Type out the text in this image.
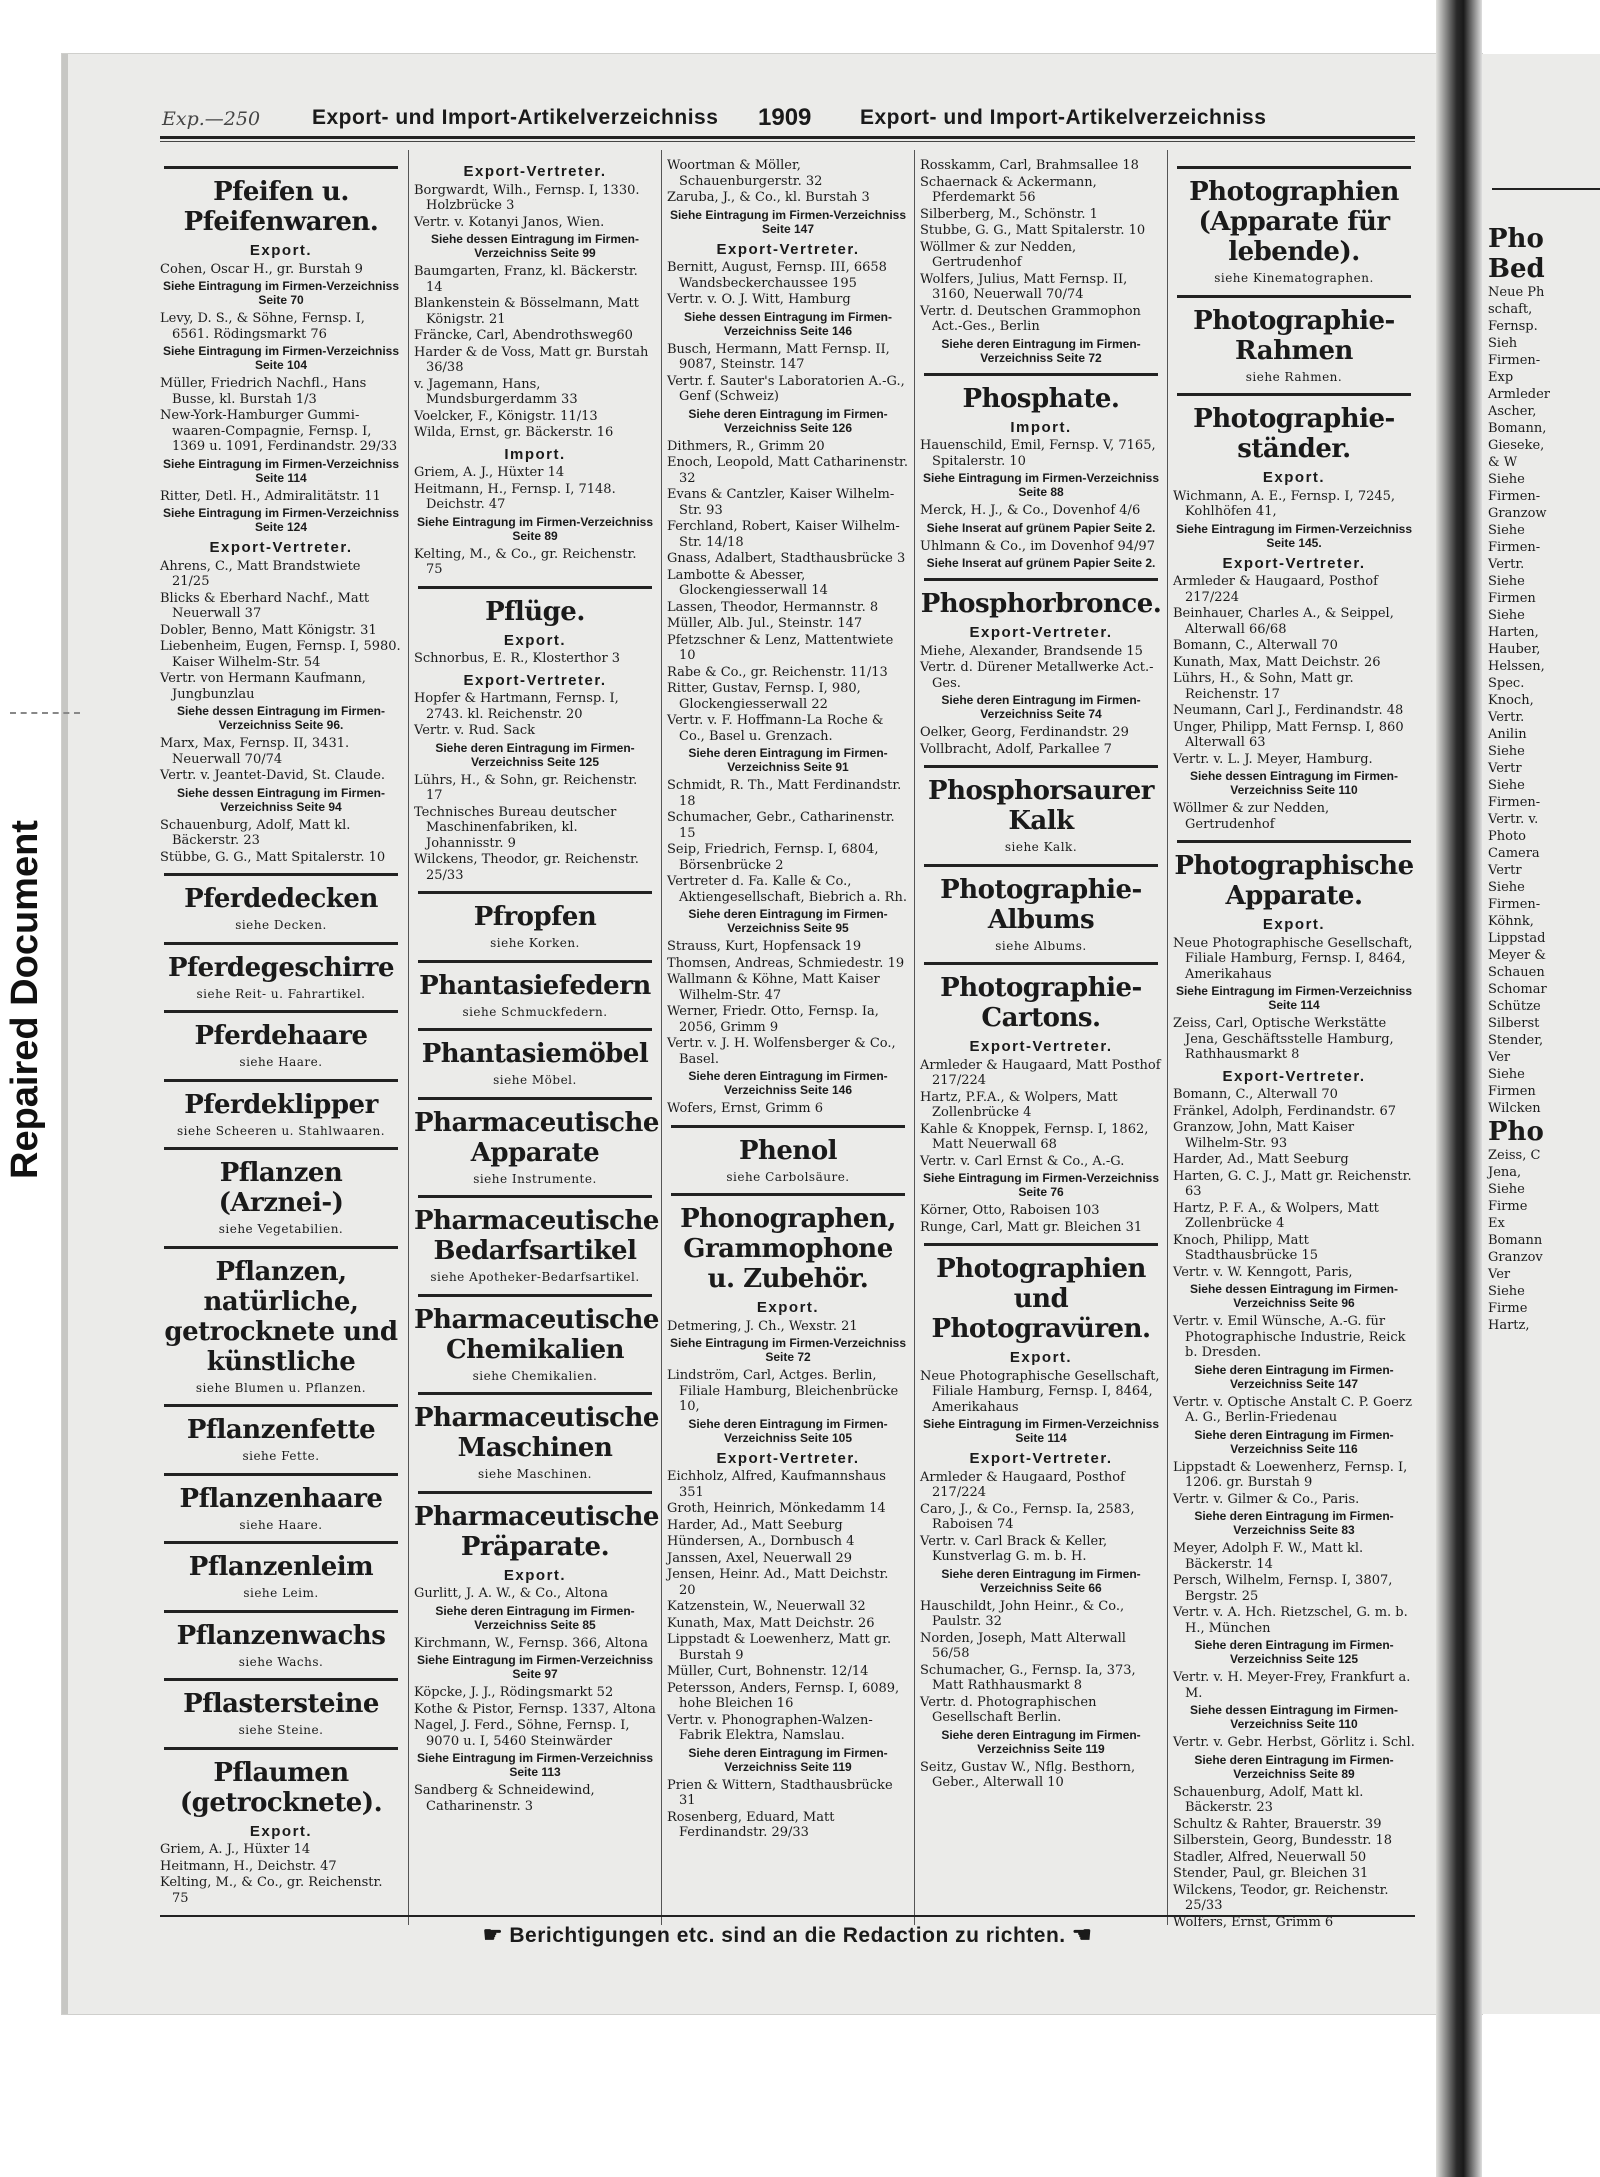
Pho
Bed
Neue Ph
schaft,
Fernsp.
Sieh
Firmen-
Exp
Armleder
Ascher,
Bomann,
Gieseke,
& W
Siehe
Firmen-
Granzow
Siehe
Firmen-
Vertr.
Siehe
Firmen
Siehe
Harten,
Hauber,
Helssen,
Spec.
Knoch,
Vertr.
Anilin
Siehe
Vertr
Siehe
Firmen-
Vertr. v.
Photo
Camera
Vertr
Siehe
Firmen-
Köhnk,
Lippstad
Meyer &
Schauen
Schomar
Schütze
Silberst
Stender,
Ver
Siehe
Firmen
Wilcken
Pho
Zeiss, C
Jena,
Siehe
Firme
Ex
Bomann
Granzov
Ver
Siehe
Firme
Hartz,
Repaired Document
Exp.—250 Export- und Import-Artikelverzeichniss 1909 Export- und Import-Artikelverzeichniss
Pfeifen u. Pfeifenwaren.
Export.
Cohen, Oscar H., gr. Burstah 9
Siehe Eintragung im Firmen-Verzeichniss Seite 70
Levy, D. S., & Söhne, Fernsp. I, 6561. Rödingsmarkt 76
Siehe Eintragung im Firmen-Verzeichniss Seite 104
Müller, Friedrich Nachfl., Hans Busse, kl. Burstah 1/3
New-York-Hamburger Gummi-waaren-Compagnie, Fernsp. I, 1369 u. 1091, Ferdinandstr. 29/33
Siehe Eintragung im Firmen-Verzeichniss Seite 114
Ritter, Detl. H., Admiralitätstr. 11
Siehe Eintragung im Firmen-Verzeichniss Seite 124
Export-Vertreter.
Ahrens, C., Matt Brandstwiete 21/25
Blicks & Eberhard Nachf., Matt Neuerwall 37
Dobler, Benno, Matt Königstr. 31
Liebenheim, Eugen, Fernsp. I, 5980. Kaiser Wilhelm-Str. 54
Vertr. von Hermann Kaufmann, Jungbunzlau
Siehe dessen Eintragung im Firmen-Verzeichniss Seite 96.
Marx, Max, Fernsp. II, 3431. Neuerwall 70/74
Vertr. v. Jeantet-David, St. Claude.
Siehe dessen Eintragung im Firmen-Verzeichniss Seite 94
Schauenburg, Adolf, Matt kl. Bäckerstr. 23
Stübbe, G. G., Matt Spitalerstr. 10
Pferdedecken
siehe Decken.
Pferdegeschirre
siehe Reit- u. Fahrartikel.
Pferdehaare
siehe Haare.
Pferdeklipper
siehe Scheeren u. Stahlwaaren.
Pflanzen (Arznei-)
siehe Vegetabilien.
Pflanzen, natürliche, getrocknete und künstliche
siehe Blumen u. Pflanzen.
Pflanzenfette
siehe Fette.
Pflanzenhaare
siehe Haare.
Pflanzenleim
siehe Leim.
Pflanzenwachs
siehe Wachs.
Pflastersteine
siehe Steine.
Pflaumen (getrocknete).
Export.
Griem, A. J., Hüxter 14
Heitmann, H., Deichstr. 47
Kelting, M., & Co., gr. Reichenstr. 75
Export-Vertreter.
Borgwardt, Wilh., Fernsp. I, 1330. Holzbrücke 3
Vertr. v. Kotanyi Janos, Wien.
Siehe dessen Eintragung im Firmen-Verzeichniss Seite 99
Baumgarten, Franz, kl. Bäckerstr. 14
Blankenstein & Bösselmann, Matt Königstr. 21
Fräncke, Carl, Abendrothsweg60
Harder & de Voss, Matt gr. Burstah 36/38
v. Jagemann, Hans, Mundsburgerdamm 33
Voelcker, F., Königstr. 11/13
Wilda, Ernst, gr. Bäckerstr. 16
Import.
Griem, A. J., Hüxter 14
Heitmann, H., Fernsp. I, 7148. Deichstr. 47
Siehe Eintragung im Firmen-Verzeichniss Seite 89
Kelting, M., & Co., gr. Reichenstr. 75
Pflüge.
Export.
Schnorbus, E. R., Klosterthor 3
Export-Vertreter.
Hopfer & Hartmann, Fernsp. I, 2743. kl. Reichenstr. 20
Vertr. v. Rud. Sack
Siehe deren Eintragung im Firmen-Verzeichniss Seite 125
Lührs, H., & Sohn, gr. Reichenstr. 17
Technisches Bureau deutscher Maschinenfabriken, kl. Johannisstr. 9
Wilckens, Theodor, gr. Reichenstr. 25/33
Pfropfen
siehe Korken.
Phantasiefedern
siehe Schmuckfedern.
Phantasiemöbel
siehe Möbel.
Pharmaceutische Apparate
siehe Instrumente.
Pharmaceutische Bedarfsartikel
siehe Apotheker-Bedarfsartikel.
Pharmaceutische Chemikalien
siehe Chemikalien.
Pharmaceutische Maschinen
siehe Maschinen.
Pharmaceutische Präparate.
Export.
Gurlitt, J. A. W., & Co., Altona
Siehe deren Eintragung im Firmen-Verzeichniss Seite 85
Kirchmann, W., Fernsp. 366, Altona
Siehe Eintragung im Firmen-Verzeichniss Seite 97
Köpcke, J. J., Rödingsmarkt 52
Kothe & Pistor, Fernsp. 1337, Altona
Nagel, J. Ferd., Söhne, Fernsp. I, 9070 u. I, 5460 Steinwärder
Siehe Eintragung im Firmen-Verzeichniss Seite 113
Sandberg & Schneidewind, Catharinenstr. 3
Woortman & Möller, Schauenburgerstr. 32
Zaruba, J., & Co., kl. Burstah 3
Siehe Eintragung im Firmen-Verzeichniss Seite 147
Export-Vertreter.
Bernitt, August, Fernsp. III, 6658 Wandsbeckerchaussee 195
Vertr. v. O. J. Witt, Hamburg
Siehe dessen Eintragung im Firmen-Verzeichniss Seite 146
Busch, Hermann, Matt Fernsp. II, 9087, Steinstr. 147
Vertr. f. Sauter's Laboratorien A.-G., Genf (Schweiz)
Siehe deren Eintragung im Firmen-Verzeichniss Seite 126
Dithmers, R., Grimm 20
Enoch, Leopold, Matt Catharinenstr. 32
Evans & Cantzler, Kaiser Wilhelm-Str. 93
Ferchland, Robert, Kaiser Wilhelm-Str. 14/18
Gnass, Adalbert, Stadthausbrücke 3
Lambotte & Abesser, Glockengiesserwall 14
Lassen, Theodor, Hermannstr. 8
Müller, Alb. Jul., Steinstr. 147
Pfetzschner & Lenz, Mattentwiete 10
Rabe & Co., gr. Reichenstr. 11/13
Ritter, Gustav, Fernsp. I, 980, Glockengiesserwall 22
Vertr. v. F. Hoffmann-La Roche & Co., Basel u. Grenzach.
Siehe deren Eintragung im Firmen-Verzeichniss Seite 91
Schmidt, R. Th., Matt Ferdinandstr. 18
Schumacher, Gebr., Catharinenstr. 15
Seip, Friedrich, Fernsp. I, 6804, Börsenbrücke 2
Vertreter d. Fa. Kalle & Co., Aktiengesellschaft, Biebrich a. Rh.
Siehe deren Eintragung im Firmen-Verzeichniss Seite 95
Strauss, Kurt, Hopfensack 19
Thomsen, Andreas, Schmiedestr. 19
Wallmann & Köhne, Matt Kaiser Wilhelm-Str. 47
Werner, Friedr. Otto, Fernsp. Ia, 2056, Grimm 9
Vertr. v. J. H. Wolfensberger & Co., Basel.
Siehe deren Eintragung im Firmen-Verzeichniss Seite 146
Wofers, Ernst, Grimm 6
Phenol
siehe Carbolsäure.
Phonographen, Grammophone u. Zubehör.
Export.
Detmering, J. Ch., Wexstr. 21
Siehe Eintragung im Firmen-Verzeichniss Seite 72
Lindström, Carl, Actges. Berlin, Filiale Hamburg, Bleichenbrücke 10,
Siehe deren Eintragung im Firmen-Verzeichniss Seite 105
Export-Vertreter.
Eichholz, Alfred, Kaufmannshaus 351
Groth, Heinrich, Mönkedamm 14
Harder, Ad., Matt Seeburg
Hündersen, A., Dornbusch 4
Janssen, Axel, Neuerwall 29
Jensen, Heinr. Ad., Matt Deichstr. 20
Katzenstein, W., Neuerwall 32
Kunath, Max, Matt Deichstr. 26
Lippstadt & Loewenherz, Matt gr. Burstah 9
Müller, Curt, Bohnenstr. 12/14
Petersson, Anders, Fernsp. I, 6089, hohe Bleichen 16
Vertr. v. Phonographen-Walzen-Fabrik Elektra, Namslau.
Siehe deren Eintragung im Firmen-Verzeichniss Seite 119
Prien & Wittern, Stadthausbrücke 31
Rosenberg, Eduard, Matt Ferdinandstr. 29/33
Rosskamm, Carl, Brahmsallee 18
Schaernack & Ackermann, Pferdemarkt 56
Silberberg, M., Schönstr. 1
Stubbe, G. G., Matt Spitalerstr. 10
Wöllmer & zur Nedden, Gertrudenhof
Wolfers, Julius, Matt Fernsp. II, 3160, Neuerwall 70/74
Vertr. d. Deutschen Grammophon Act.-Ges., Berlin
Siehe deren Eintragung im Firmen-Verzeichniss Seite 72
Phosphate.
Import.
Hauenschild, Emil, Fernsp. V, 7165, Spitalerstr. 10
Siehe Eintragung im Firmen-Verzeichniss Seite 88
Merck, H. J., & Co., Dovenhof 4/6
Siehe Inserat auf grünem Papier Seite 2.
Uhlmann & Co., im Dovenhof 94/97
Siehe Inserat auf grünem Papier Seite 2.
Phosphorbronce.
Export-Vertreter.
Miehe, Alexander, Brandsende 15
Vertr. d. Dürener Metallwerke Act.-Ges.
Siehe deren Eintragung im Firmen-Verzeichniss Seite 74
Oelker, Georg, Ferdinandstr. 29
Vollbracht, Adolf, Parkallee 7
Phosphorsaurer Kalk
siehe Kalk.
Photographie-Albums
siehe Albums.
Photographie-Cartons.
Export-Vertreter.
Armleder & Haugaard, Matt Posthof 217/224
Hartz, P.F.A., & Wolpers, Matt Zollenbrücke 4
Kahle & Knoppek, Fernsp. I, 1862, Matt Neuerwall 68
Vertr. v. Carl Ernst & Co., A.-G.
Siehe Eintragung im Firmen-Verzeichniss Seite 76
Körner, Otto, Raboisen 103
Runge, Carl, Matt gr. Bleichen 31
Photographien und Photogravüren.
Export.
Neue Photographische Gesellschaft, Filiale Hamburg, Fernsp. I, 8464, Amerikahaus
Siehe Eintragung im Firmen-Verzeichniss Seite 114
Export-Vertreter.
Armleder & Haugaard, Posthof 217/224
Caro, J., & Co., Fernsp. Ia, 2583, Raboisen 74
Vertr. v. Carl Brack & Keller, Kunstverlag G. m. b. H.
Siehe deren Eintragung im Firmen-Verzeichniss Seite 66
Hauschildt, John Heinr., & Co., Paulstr. 32
Norden, Joseph, Matt Alterwall 56/58
Schumacher, G., Fernsp. Ia, 373, Matt Rathhausmarkt 8
Vertr. d. Photographischen Gesellschaft Berlin.
Siehe deren Eintragung im Firmen-Verzeichniss Seite 119
Seitz, Gustav W., Nflg. Besthorn, Geber., Alterwall 10
Photographien (Apparate für lebende).
siehe Kinematographen.
Photographie-Rahmen
siehe Rahmen.
Photographie-ständer.
Export.
Wichmann, A. E., Fernsp. I, 7245, Kohlhöfen 41,
Siehe Eintragung im Firmen-Verzeichniss Seite 145.
Export-Vertreter.
Armleder & Haugaard, Posthof 217/224
Beinhauer, Charles A., & Seippel, Alterwall 66/68
Bomann, C., Alterwall 70
Kunath, Max, Matt Deichstr. 26
Lührs, H., & Sohn, Matt gr. Reichenstr. 17
Neumann, Carl J., Ferdinandstr. 48
Unger, Philipp, Matt Fernsp. I, 860 Alterwall 63
Vertr. v. L. J. Meyer, Hamburg.
Siehe dessen Eintragung im Firmen-Verzeichniss Seite 110
Wöllmer & zur Nedden, Gertrudenhof
Photographische Apparate.
Export.
Neue Photographische Gesellschaft, Filiale Hamburg, Fernsp. I, 8464, Amerikahaus
Siehe Eintragung im Firmen-Verzeichniss Seite 114
Zeiss, Carl, Optische Werkstätte Jena, Geschäftsstelle Hamburg, Rathhausmarkt 8
Export-Vertreter.
Bomann, C., Alterwall 70
Fränkel, Adolph, Ferdinandstr. 67
Granzow, John, Matt Kaiser Wilhelm-Str. 93
Harder, Ad., Matt Seeburg
Harten, G. C. J., Matt gr. Reichenstr. 63
Hartz, P. F. A., & Wolpers, Matt Zollenbrücke 4
Knoch, Philipp, Matt Stadthausbrücke 15
Vertr. v. W. Kenngott, Paris,
Siehe dessen Eintragung im Firmen-Verzeichniss Seite 96
Vertr. v. Emil Wünsche, A.-G. für Photographische Industrie, Reick b. Dresden.
Siehe deren Eintragung im Firmen-Verzeichniss Seite 147
Vertr. v. Optische Anstalt C. P. Goerz A. G., Berlin-Friedenau
Siehe deren Eintragung im Firmen-Verzeichniss Seite 116
Lippstadt & Loewenherz, Fernsp. I, 1206. gr. Burstah 9
Vertr. v. Gilmer & Co., Paris.
Siehe deren Eintragung im Firmen-Verzeichniss Seite 83
Meyer, Adolph F. W., Matt kl. Bäckerstr. 14
Persch, Wilhelm, Fernsp. I, 3807, Bergstr. 25
Vertr. v. A. Hch. Rietzschel, G. m. b. H., München
Siehe deren Eintragung im Firmen-Verzeichniss Seite 125
Vertr. v. H. Meyer-Frey, Frankfurt a. M.
Siehe dessen Eintragung im Firmen-Verzeichniss Seite 110
Vertr. v. Gebr. Herbst, Görlitz i. Schl.
Siehe deren Eintragung im Firmen-Verzeichniss Seite 89
Schauenburg, Adolf, Matt kl. Bäckerstr. 23
Schultz & Rahter, Brauerstr. 39
Silberstein, Georg, Bundesstr. 18
Stadler, Alfred, Neuerwall 50
Stender, Paul, gr. Bleichen 31
Wilckens, Teodor, gr. Reichenstr. 25/33
Wolfers, Ernst, Grimm 6
☛ Berichtigungen etc. sind an die Redaction zu richten. ☚
